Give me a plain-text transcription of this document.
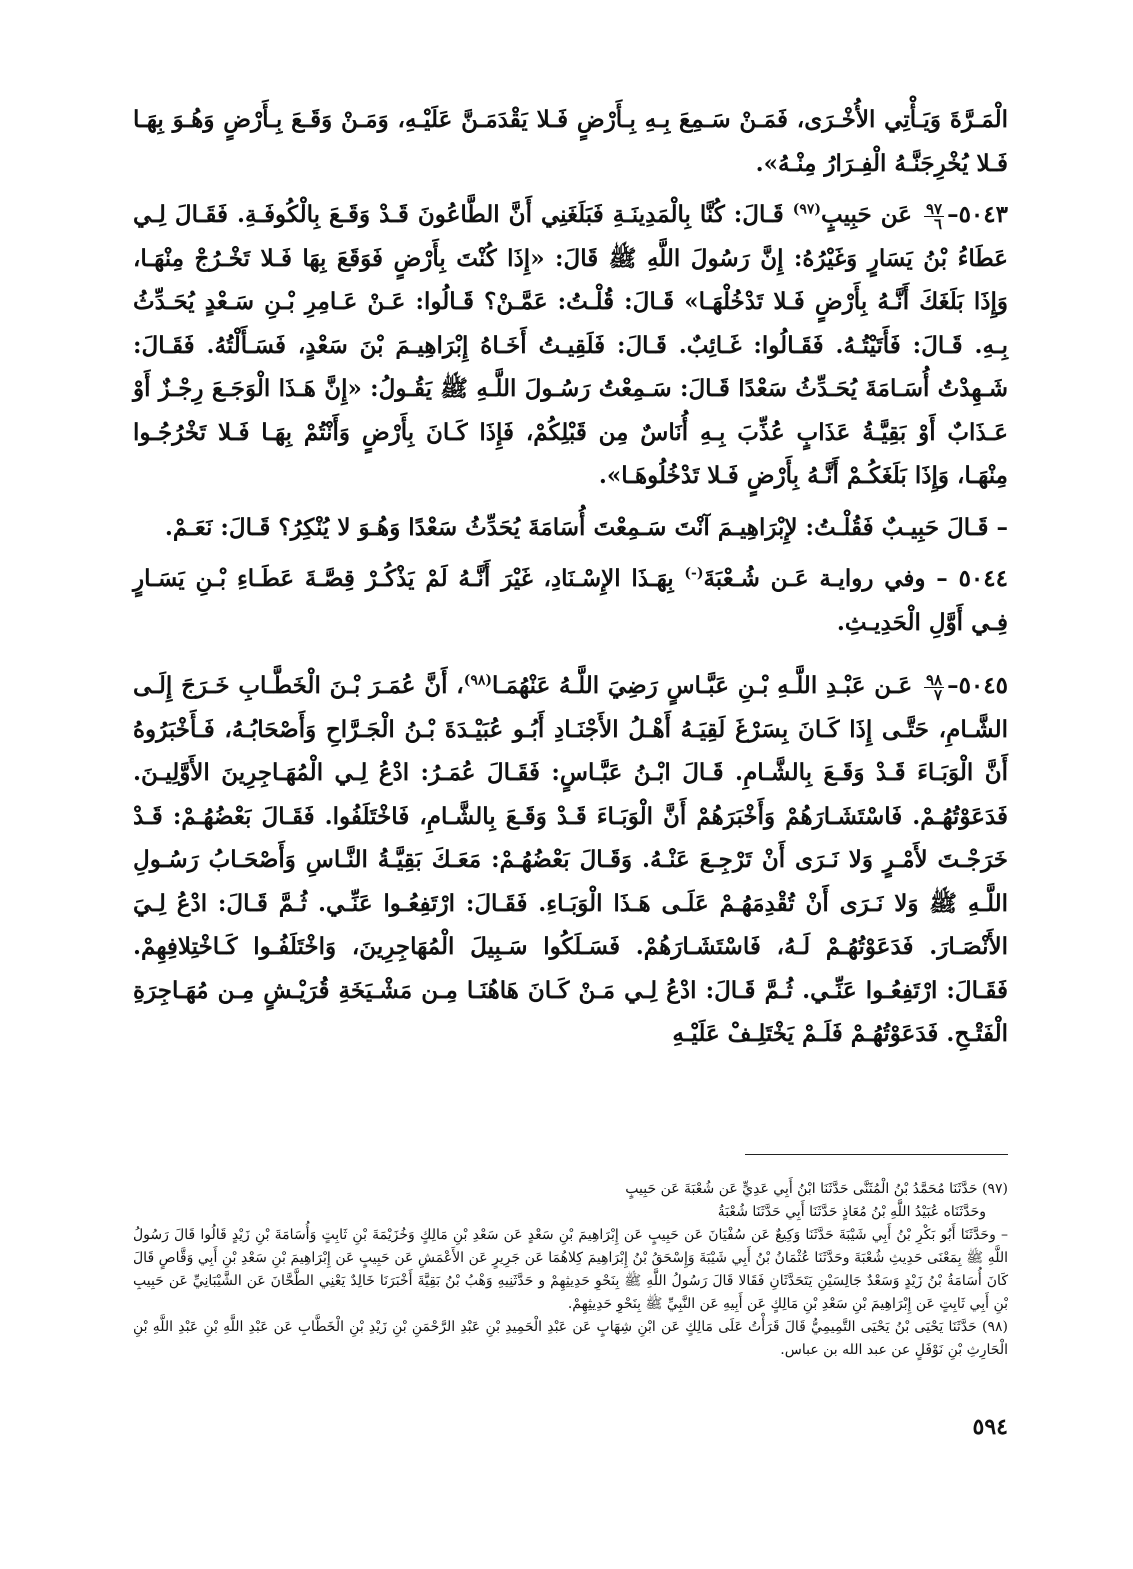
الْمَـرَّةَ وَيَـأْتِي الأُخْـرَى، فَمَـنْ سَـمِعَ بِـهِ بِـأَرْضٍ فَـلا يَقْدَمَـنَّ عَلَيْـهِ، وَمَـنْ وَقَـعَ بِـأَرْضٍ وَهُـوَ بِهَـا فَـلا يُخْرِجَنَّـهُ الْفِـرَارُ مِنْـهُ».

٥٠٤٣–
$\frac{٩٧}{٦}$
عَن حَبِيبٍ$^{(٩٧)}$ قَـالَ: كُنَّا بِالْمَدِينَـةِ فَبَلَغَنِي أَنَّ الطَّاعُونَ قَـدْ وَقَـعَ بِالْكُوفَـةِ. فَقَـالَ لِـي عَطَاءُ بْنُ يَسَارٍ وَغَيْرُهُ: إِنَّ رَسُولَ اللَّهِ ﷺ قَالَ: «إِذَا كُنْتَ بِأَرْضٍ فَوَقَعَ بِهَا فَـلا تَخْـرُجْ مِنْهَـا، وَإِذَا بَلَغَكَ أَنَّـهُ بِأَرْضٍ فَـلا تَدْخُلْهَـا» قَـالَ: قُلْـتُ: عَمَّـنْ؟ قَـالُوا: عَـنْ عَـامِرِ بْـنِ سَـعْدٍ يُحَـدِّثُ بِـهِ. قَـالَ: فَأَتَيْتُـهُ. فَقَـالُوا: غَـائِبٌ. قَـالَ: فَلَقِيـتُ أَخَـاهُ إِبْرَاهِيـمَ بْنَ سَعْدٍ، فَسَـأَلْتُهُ. فَقَـالَ: شَـهِدْتُ أُسَـامَةَ يُحَـدِّثُ سَعْدًا قَـالَ: سَـمِعْتُ رَسُـولَ اللَّـهِ ﷺ يَقُـولُ: «إِنَّ هَـذَا الْوَجَـعَ رِجْـزٌ أَوْ عَـذَابٌ أَوْ بَقِيَّـةُ عَذَابٍ عُذِّبَ بِـهِ أُنَاسٌ مِن قَبْلِكُمْ، فَإِذَا كَـانَ بِأَرْضٍ وَأَنْتُمْ بِهَـا فَـلا تَخْرُجُـوا مِنْهَـا، وَإِذَا بَلَغَكُـمْ أَنَّـهُ بِأَرْضٍ فَـلا تَدْخُلُوهَـا».

– قَـالَ حَبِيـبٌ فَقُلْـتُ: لإِبْرَاهِيـمَ آنْتَ سَـمِعْتَ أُسَامَةَ يُحَدِّثُ سَعْدًا وَهُـوَ لا يُنْكِرُ؟ قَـالَ: نَعَـمْ.

٥٠٤٤ – وفي روايـة عَـن شُـعْبَةَ(-) بِهَـذَا الإِسْـنَادِ، غَيْرَ أَنَّـهُ لَمْ يَذْكُـرْ قِصَّـةَ عَطَـاءِ بْـنِ يَسَـارٍ فِـي أَوَّلِ الْحَدِيـثِ.

٥٠٤٥–
$\frac{٩٨}{٧}$
عَـن عَبْـدِ اللَّـهِ بْـنِ عَبَّـاسٍ رَضِيَ اللَّـهُ عَنْهُمَـا$^{(٩٨)}$، أَنَّ عُمَـرَ بْـنَ الْخَطَّـابِ خَـرَجَ إِلَـى الشَّـامِ، حَتَّـى إِذَا كَـانَ بِسَرْغَ لَقِيَـهُ أَهْـلُ الأَجْنَـادِ أَبُـو عُبَيْـدَةَ بْـنُ الْجَـرَّاحِ وَأَصْحَابُـهُ، فَـأَخْبَرُوهُ أَنَّ الْوَبَـاءَ قَـدْ وَقَـعَ بِالشَّـامِ. قَـالَ ابْـنُ عَبَّـاسٍ: فَقَـالَ عُمَـرُ: ادْعُ لِـي الْمُهَـاجِرِينَ الأَوَّلِيـنَ. فَدَعَوْتُهُـمْ. فَاسْتَشَـارَهُمْ وَأَخْبَرَهُمْ أَنَّ الْوَبَـاءَ قَـدْ وَقَـعَ بِالشَّـامِ، فَاخْتَلَفُوا. فَقَـالَ بَعْضُهُـمْ: قَـدْ خَرَجْـتَ لأَمْـرٍ وَلا نَـرَى أَنْ تَرْجِـعَ عَنْـهُ. وَقَـالَ بَعْضُهُـمْ: مَعَـكَ بَقِيَّـةُ النَّـاسِ وَأَصْحَـابُ رَسُـولِ اللَّـهِ ﷺ وَلا نَـرَى أَنْ تُقْدِمَهُـمْ عَلَـى هَـذَا الْوَبَـاءِ. فَقَـالَ: ارْتَفِعُـوا عَنِّـي. ثُـمَّ قَـالَ: ادْعُ لِـيَ الأَنْصَـارَ. فَدَعَوْتُهُـمْ لَـهُ، فَاسْتَشَـارَهُمْ. فَسَـلَكُوا سَـبِيلَ الْمُهَاجِرِينَ، وَاخْتَلَفُـوا كَـاخْتِلافِهِمْ. فَقَـالَ: ارْتَفِعُـوا عَنِّـي. ثُـمَّ قَـالَ: ادْعُ لِـي مَـنْ كَـانَ هَاهُنَـا مِـن مَشْـيَخَةِ قُرَيْـشٍ مِـن مُهَـاجِرَةِ الْفَتْـحِ. فَدَعَوْتُهُـمْ فَلَـمْ يَخْتَلِـفْ عَلَيْـهِ

(٩٧) حَدَّثَنَا مُحَمَّدُ بْنُ الْمُثَنَّى حَدَّثَنَا ابْنُ أَبِي عَدِيٍّ عَن شُعْبَةَ عَن حَبِيبٍ

وحَدَّثَنَاه عُبَيْدُ اللَّهِ بْنُ مُعَاذٍ حَدَّثَنَا أَبِي حَدَّثَنَا شُعْبَةُ

– وحَدَّثَنَا أَبُو بَكْرِ بْنُ أَبِي شَيْبَةَ حَدَّثَنَا وَكِيعٌ عَن سُفْيَانَ عَن حَبِيبٍ عَن إِبْرَاهِيمَ بْنِ سَعْدٍ عَن سَعْدِ بْنِ مَالِكٍ وَخُزَيْمَةَ بْنِ ثَابِتٍ وَأُسَامَةَ بْنِ زَيْدٍ قَالُوا قَالَ رَسُولُ اللَّهِ ﷺ بِمَعْنَى حَدِيثِ شُعْبَةَ وحَدَّثَنَا عُثْمَانُ بْنُ أَبِي شَيْبَةَ وَإِسْحَقُ بْنُ إِبْرَاهِيمَ كِلاهُمَا عَن جَرِيرٍ عَن الأَعْمَشِ عَن حَبِيبٍ عَن إِبْرَاهِيمَ بْنِ سَعْدِ بْنِ أَبِي وَقَّاصٍ قَالَ كَانَ أُسَامَةُ بْنُ زَيْدٍ وَسَعْدٌ جَالِسَيْنِ يَتَحَدَّثَانِ فَقَالا قَالَ رَسُولُ اللَّهِ ﷺ بِنَحْوِ حَدِيثِهِمْ و حَدَّثَنِيهِ وَهْبُ بْنُ بَقِيَّةَ أَخْبَرَنَا خَالِدٌ يَعْنِي الطَّحَّانَ عَن الشَّيْبَانِيِّ عَن حَبِيبِ بْنِ أَبِي ثَابِتٍ عَن إِبْرَاهِيمَ بْنِ سَعْدِ بْنِ مَالِكٍ عَن أَبِيهِ عَن النَّبِيِّ ﷺ بِنَحْوِ حَدِيثِهِمْ.

(٩٨) حَدَّثَنَا يَحْيَى بْنُ يَحْيَى التَّمِيمِيُّ قَالَ قَرَأْتُ عَلَى مَالِكٍ عَن ابْنِ شِهَابٍ عَن عَبْدِ الْحَمِيدِ بْنِ عَبْدِ الرَّحْمَنِ بْنِ زَيْدِ بْنِ الْخَطَّابِ عَن عَبْدِ اللَّهِ بْنِ عَبْدِ اللَّهِ بْنِ الْحَارِثِ بْنِ نَوْفَلٍ عن عبد الله بن عباس.

٥٩٤
